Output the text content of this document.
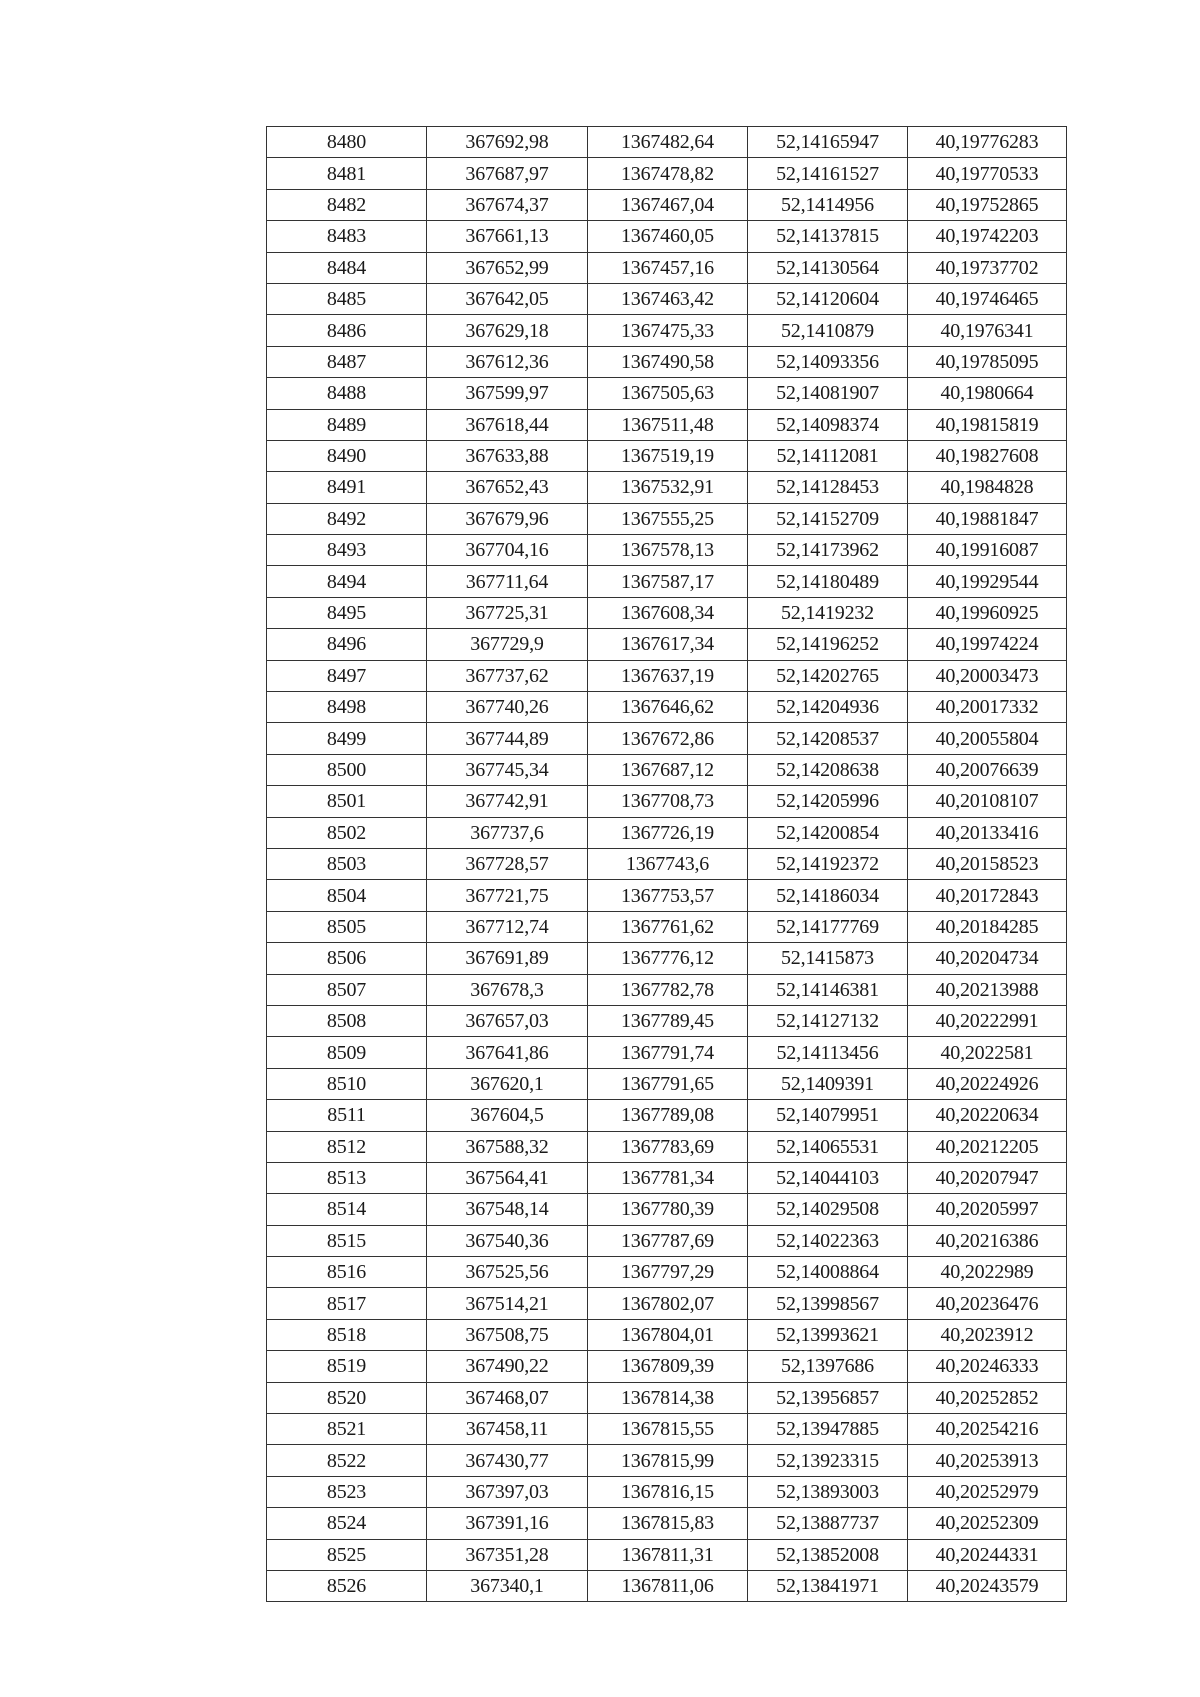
8480	367692,98	1367482,64	52,14165947	40,19776283
8481	367687,97	1367478,82	52,14161527	40,19770533
8482	367674,37	1367467,04	52,1414956	40,19752865
8483	367661,13	1367460,05	52,14137815	40,19742203
8484	367652,99	1367457,16	52,14130564	40,19737702
8485	367642,05	1367463,42	52,14120604	40,19746465
8486	367629,18	1367475,33	52,1410879	40,1976341
8487	367612,36	1367490,58	52,14093356	40,19785095
8488	367599,97	1367505,63	52,14081907	40,1980664
8489	367618,44	1367511,48	52,14098374	40,19815819
8490	367633,88	1367519,19	52,14112081	40,19827608
8491	367652,43	1367532,91	52,14128453	40,1984828
8492	367679,96	1367555,25	52,14152709	40,19881847
8493	367704,16	1367578,13	52,14173962	40,19916087
8494	367711,64	1367587,17	52,14180489	40,19929544
8495	367725,31	1367608,34	52,1419232	40,19960925
8496	367729,9	1367617,34	52,14196252	40,19974224
8497	367737,62	1367637,19	52,14202765	40,20003473
8498	367740,26	1367646,62	52,14204936	40,20017332
8499	367744,89	1367672,86	52,14208537	40,20055804
8500	367745,34	1367687,12	52,14208638	40,20076639
8501	367742,91	1367708,73	52,14205996	40,20108107
8502	367737,6	1367726,19	52,14200854	40,20133416
8503	367728,57	1367743,6	52,14192372	40,20158523
8504	367721,75	1367753,57	52,14186034	40,20172843
8505	367712,74	1367761,62	52,14177769	40,20184285
8506	367691,89	1367776,12	52,1415873	40,20204734
8507	367678,3	1367782,78	52,14146381	40,20213988
8508	367657,03	1367789,45	52,14127132	40,20222991
8509	367641,86	1367791,74	52,14113456	40,2022581
8510	367620,1	1367791,65	52,1409391	40,20224926
8511	367604,5	1367789,08	52,14079951	40,20220634
8512	367588,32	1367783,69	52,14065531	40,20212205
8513	367564,41	1367781,34	52,14044103	40,20207947
8514	367548,14	1367780,39	52,14029508	40,20205997
8515	367540,36	1367787,69	52,14022363	40,20216386
8516	367525,56	1367797,29	52,14008864	40,2022989
8517	367514,21	1367802,07	52,13998567	40,20236476
8518	367508,75	1367804,01	52,13993621	40,2023912
8519	367490,22	1367809,39	52,1397686	40,20246333
8520	367468,07	1367814,38	52,13956857	40,20252852
8521	367458,11	1367815,55	52,13947885	40,20254216
8522	367430,77	1367815,99	52,13923315	40,20253913
8523	367397,03	1367816,15	52,13893003	40,20252979
8524	367391,16	1367815,83	52,13887737	40,20252309
8525	367351,28	1367811,31	52,13852008	40,20244331
8526	367340,1	1367811,06	52,13841971	40,20243579
